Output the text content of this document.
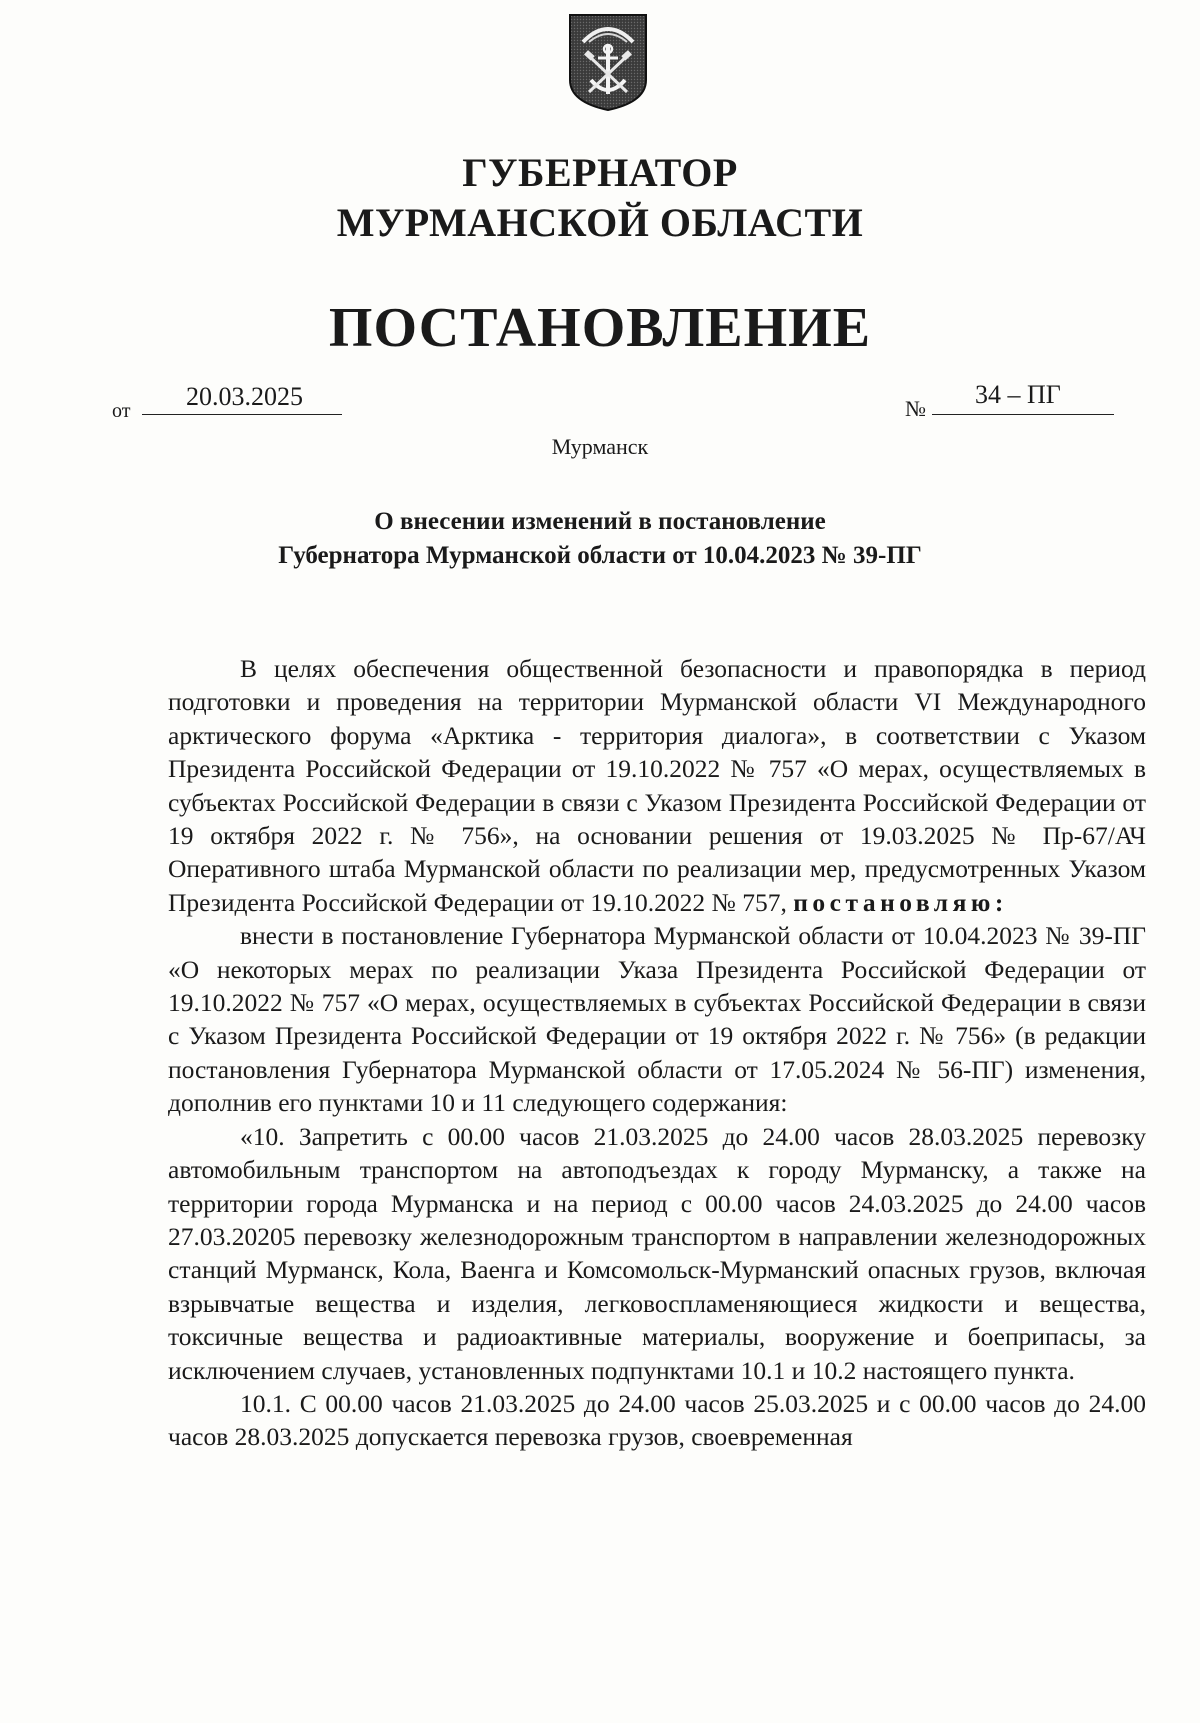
ГУБЕРНАТОР
МУРМАНСКОЙ ОБЛАСТИ
ПОСТАНОВЛЕНИЕ
от 20.03.2025	№ 34 – ПГ
Мурманск
О внесении изменений в постановление
Губернатора Мурманской области от 10.04.2023 № 39-ПГ

В целях обеспечения общественной безопасности и правопорядка в период подготовки и проведения на территории Мурманской области VI Международного арктического форума «Арктика - территория диалога», в соответствии с Указом Президента Российской Федерации от 19.10.2022 № 757 «О мерах, осуществляемых в субъектах Российской Федерации в связи с Указом Президента Российской Федерации от 19 октября 2022 г. № 756», на основании решения от 19.03.2025 № Пр-67/АЧ Оперативного штаба Мурманской области по реализации мер, предусмотренных Указом Президента Российской Федерации от 19.10.2022 № 757, постановляю:

внести в постановление Губернатора Мурманской области от 10.04.2023 № 39-ПГ «О некоторых мерах по реализации Указа Президента Российской Федерации от 19.10.2022 № 757 «О мерах, осуществляемых в субъектах Российской Федерации в связи с Указом Президента Российской Федерации от 19 октября 2022 г. № 756» (в редакции постановления Губернатора Мурманской области от 17.05.2024 № 56-ПГ) изменения, дополнив его пунктами 10 и 11 следующего содержания:

«10. Запретить с 00.00 часов 21.03.2025 до 24.00 часов 28.03.2025 перевозку автомобильным транспортом на автоподъездах к городу Мурманску, а также на территории города Мурманска и на период с 00.00 часов 24.03.2025 до 24.00 часов 27.03.20205 перевозку железнодорожным транспортом в направлении железнодорожных станций Мурманск, Кола, Ваенга и Комсомольск-Мурманский опасных грузов, включая взрывчатые вещества и изделия, легковоспламеняющиеся жидкости и вещества, токсичные вещества и радиоактивные материалы, вооружение и боеприпасы, за исключением случаев, установленных подпунктами 10.1 и 10.2 настоящего пункта.

10.1. С 00.00 часов 21.03.2025 до 24.00 часов 25.03.2025 и с 00.00 часов до 24.00 часов 28.03.2025 допускается перевозка грузов, своевременная
